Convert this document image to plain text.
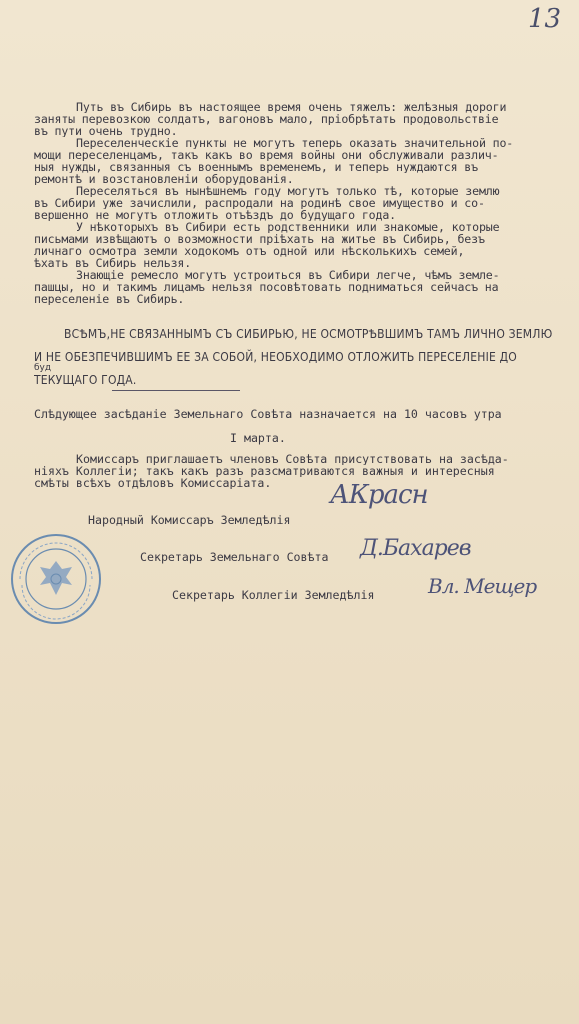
13

Путь въ Сибирь въ настоящее время очень тяжелъ: желѣзныя дороги
заняты перевозкою солдатъ, вагоновъ мало, пріобрѣтать продовольствіе
въ пути очень трудно.

Переселенческіе пункты не могутъ теперь оказать значительной по-
мощи переселенцамъ, такъ какъ во время войны они обслуживали различ-
ныя нужды, связанныя съ военнымъ временемъ, и теперь нуждаются въ
ремонтѣ и возстановленіи оборудованія.

Переселяться въ нынѣшнемъ году могутъ только тѣ, которые землю
въ Сибири уже зачислили, распродали на родинѣ свое имущество и со-
вершенно не могутъ отложить отъѣздъ до будущаго года.

У нѣкоторыхъ въ Сибири есть родственники или знакомые, которые
письмами извѣщаютъ о возможности пріѣхать на житье въ Сибирь, безъ
личнаго осмотра земли ходокомъ отъ одной или нѣсколькихъ семей,
ѣхать въ Сибирь нельзя.

Знающіе ремесло могутъ устроиться въ Сибири легче, чѣмъ земле-
пашцы, но и такимъ лицамъ нельзя посовѣтовать подниматься сейчасъ на
переселеніе въ Сибирь.

ВСѢМЪ,НЕ СВЯЗАННЫМЪ СЪ СИБИРЬЮ, НЕ ОСМОТРѢВШИМЪ ТАМЪ ЛИЧНО ЗЕМЛЮ
И НЕ ОБЕЗПЕЧИВШИМЪ ЕЕ ЗА СОБОЙ, НЕОБХОДИМО ОТЛОЖИТЬ ПЕРЕСЕЛЕНІЕ ДО
ТЕКУЩАГО ГОДА.
буд
Слѣдующее засѣданіе Земельнаго Совѣта назначается на 10 часовъ утра
I марта.
Комиссаръ приглашаетъ членовъ Совѣта присутствовать на засѣда-
ніяхъ Коллегіи; такъ какъ разъ разсматриваются важныя и интересныя
смѣты всѣхъ отдѣловъ Комиссаріата.
Народный Комиссаръ Земледѣлія
АКрасн
Секретарь Земельнаго Совѣта Д.Бахарев
Секретарь Коллегіи Земледѣлія	Вл. Мещер
